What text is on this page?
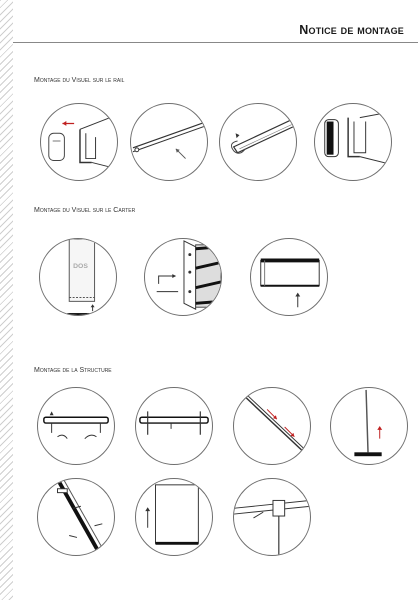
Notice de montage
Montage du Visuel sur le rail
Montage du Visuel sur le Carter
DOS
Montage de la Structure
